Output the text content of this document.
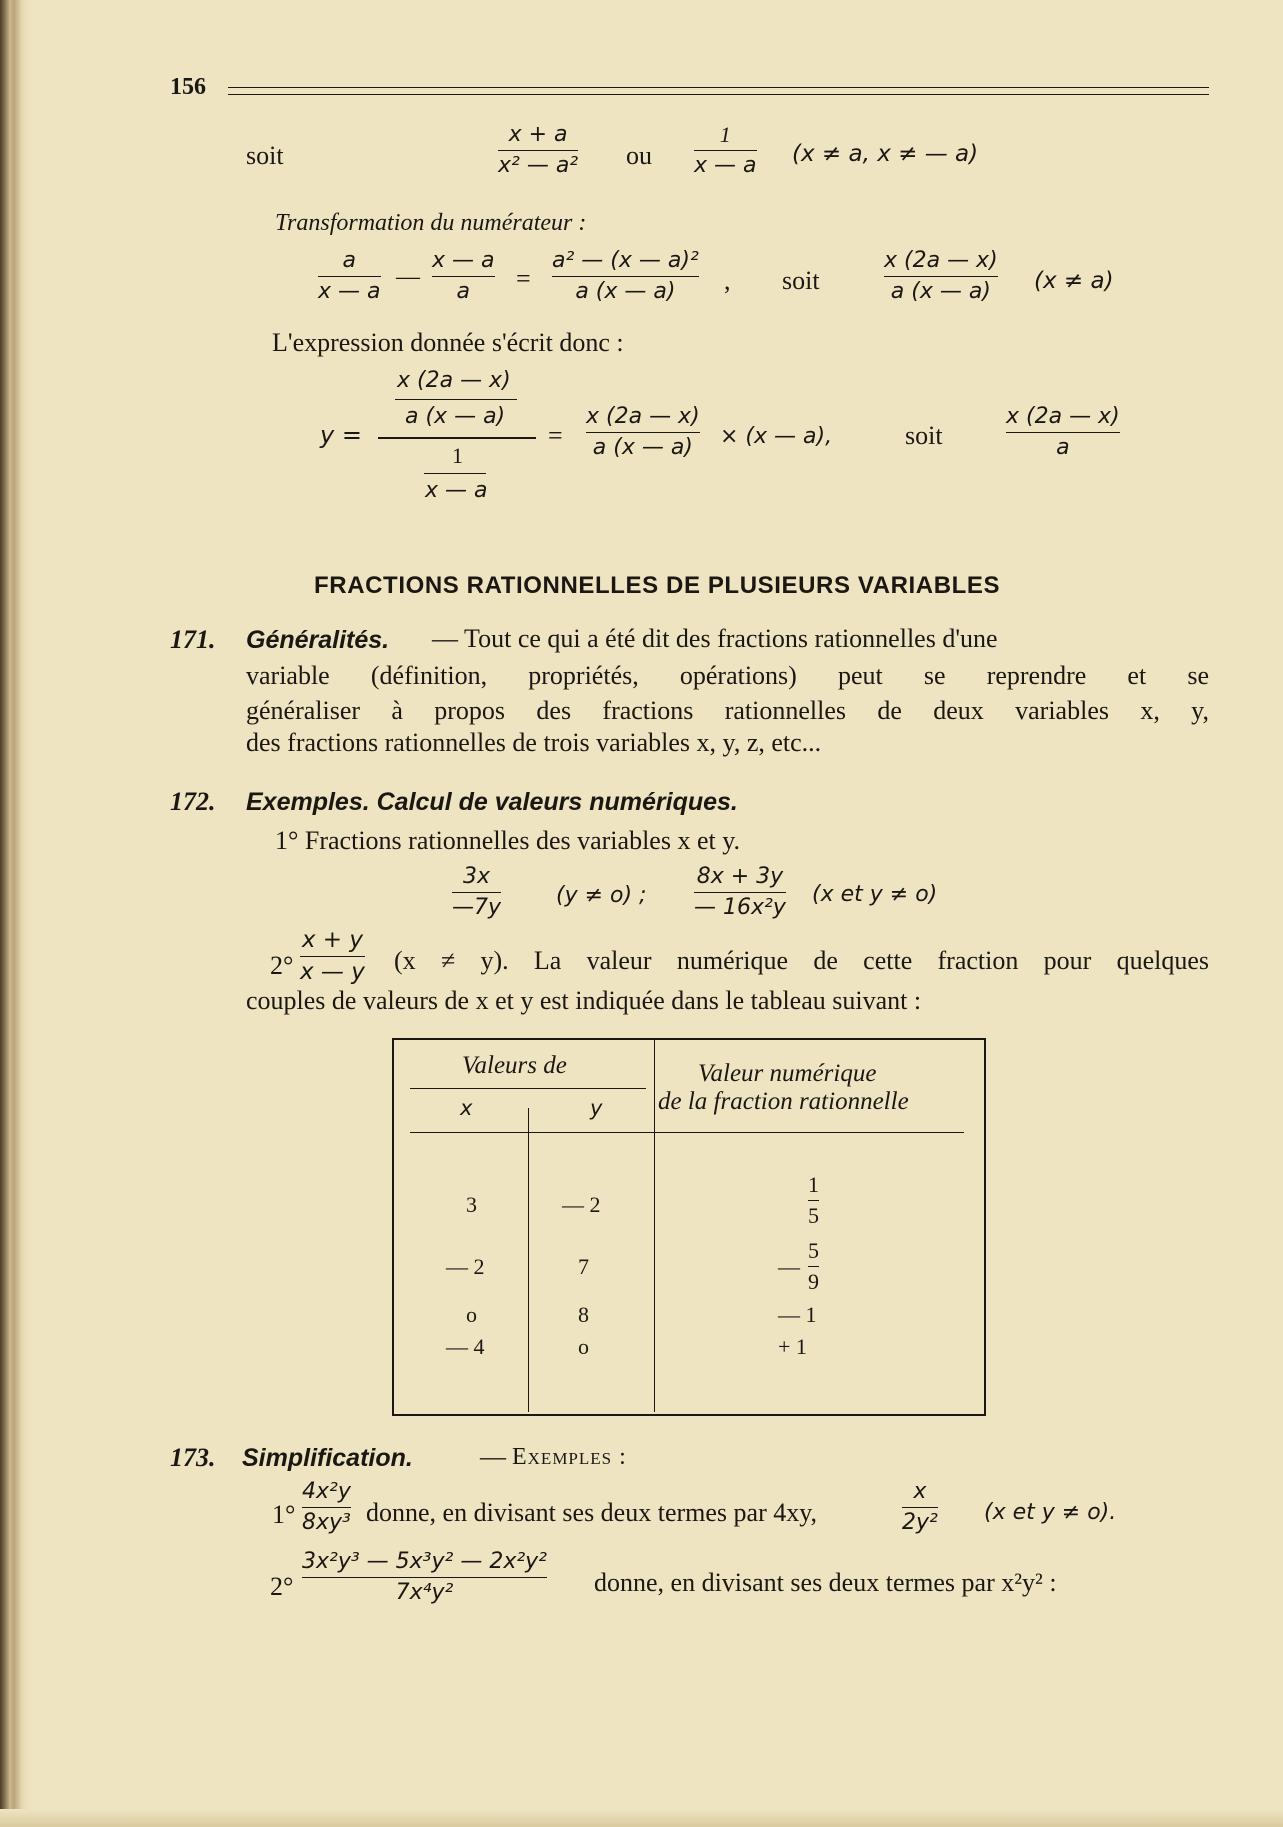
156
soit
x + a
x² — a² ou
1
x — a (x ≠ a, x ≠ — a)
Transformation du numérateur :
a
x — a
—
x — a
a =
a² — (x — a)²
a (x — a) , soit
x (2a — x)
a (x — a) (x ≠ a)
L'expression donnée s'écrit donc :
y =
x (2a — x)
a (x — a)
1
x — a
=
x (2a — x)
a (x — a) × (x — a),	soit
x (2a — x)
a
FRACTIONS RATIONNELLES DE PLUSIEURS VARIABLES
171. Généralités. — Tout ce qui a été dit des fractions rationnelles d'une
variable (définition, propriétés, opérations) peut se reprendre et se
généraliser à propos des fractions rationnelles de deux variables x, y,
des fractions rationnelles de trois variables x, y, z, etc...
172. Exemples. Calcul de valeurs numériques.
1° Fractions rationnelles des variables x et y.
3x
—7y (y ≠ o) ;
8x + 3y
— 16x²y
(x et y ≠ o)
2°
x + y
x — y (x ≠ y). La valeur numérique de cette fraction pour quelques
couples de valeurs de x et y est indiquée dans le tableau suivant :
Valeurs de
x	y
Valeur numérique
de la fraction rationnelle
3	— 2
1
5
— 2	7	—
5
9
o	8	— 1
— 4	o	+ 1
173. Simplification.	— Exemples :
1°
4x²y
8xy³ donne, en divisant ses deux termes par 4xy,
x
2y² (x et y ≠ o).
2°
3x²y³ — 5x³y² — 2x²y²
7x⁴y²	donne, en divisant ses deux termes par x²y² :
